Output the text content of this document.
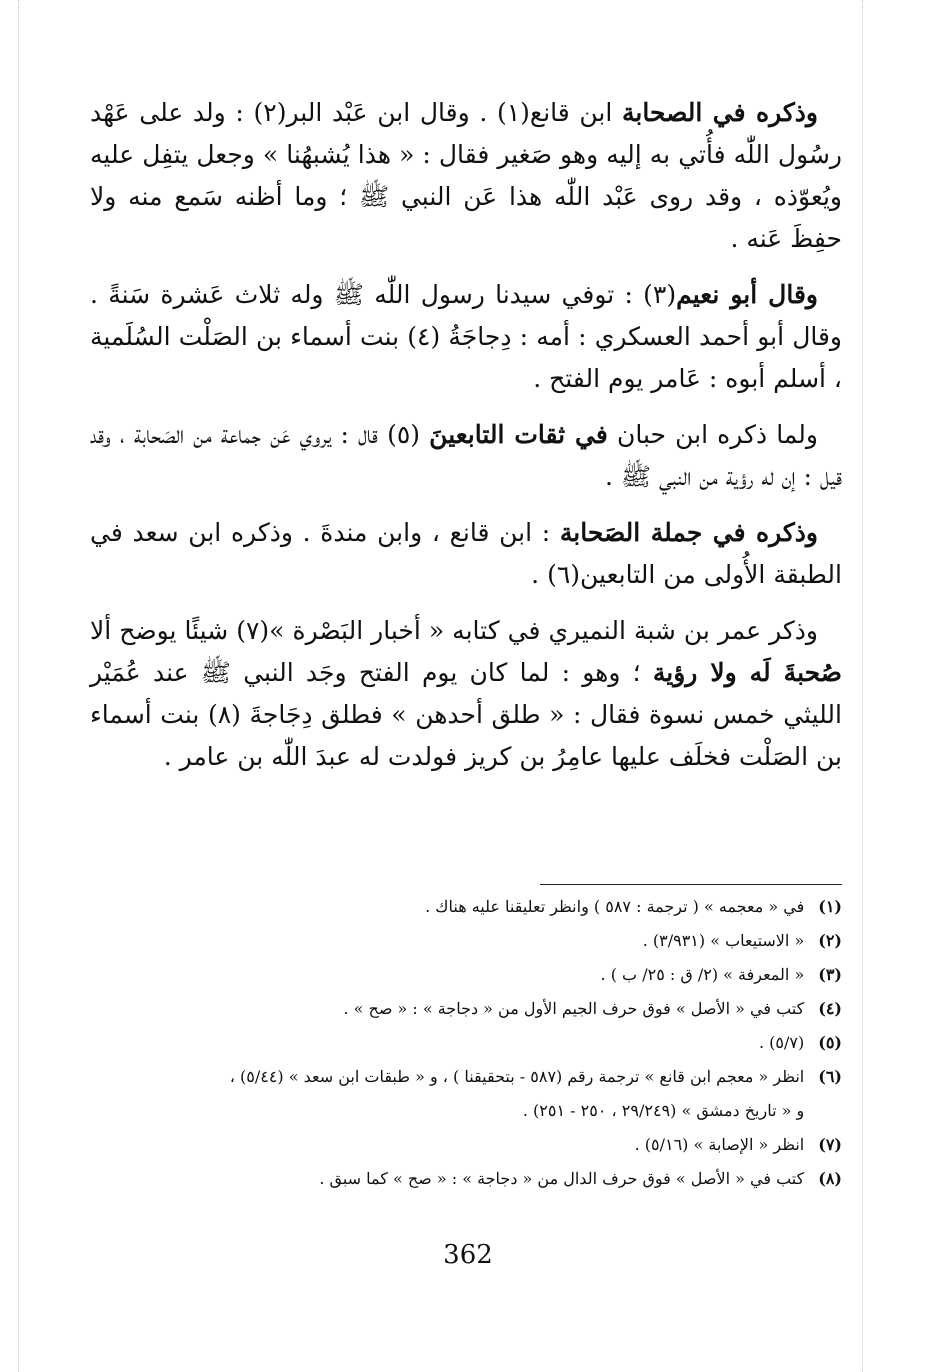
وذكره في الصحابة ابن قانع(١) . وقال ابن عَبْد البر(٢) : ولد على عَهْد رسُول اللّٰه فأُتي به إليه وهو صَغير فقال : « هذا يُشبهُنا » وجعل يتفِل عليه ويُعوّذه ، وقد روى عَبْد اللّٰه هذا عَن النبي ﷺ ؛ وما أظنه سَمع منه ولا حفِظَ عَنه .

وقال أبو نعيم(٣) : توفي سيدنا رسول اللّٰه ﷺ وله ثلاث عَشرة سَنةً . وقال أبو أحمد العسكري : أمه : دِجاجَةُ (٤) بنت أسماء بن الصَلْت السُلَمية ، أسلم أبوه : عَامر يوم الفتح .

ولما ذكره ابن حبان في ثقات التابعينَ (٥) قال : يروي عَن جماعة من الصَحابة ، وقد قيل : إن له رؤية من النبي ﷺ .

وذكره في جملة الصَحابة : ابن قانع ، وابن مندةَ . وذكره ابن سعد في الطبقة الأُولى من التابعين(٦) .

وذكر عمر بن شبة النميري في كتابه « أخبار البَصْرة »(٧) شيئًا يوضح ألا صُحبةَ لَه ولا رؤية ؛ وهو : لما كان يوم الفتح وجَد النبي ﷺ عند عُمَيْر الليثي خمس نسوة فقال : « طلق أحدهن » فطلق دِجَاجةَ (٨) بنت أسماء بن الصَلْت فخلَف عليها عامِرُ بن كريز فولدت له عبدَ اللّٰه بن عامر .

(١)
في « معجمه » ( ترجمة : ٥٨٧ ) وانظر تعليقنا عليه هناك .
(٢)
« الاستيعاب » (٣/٩٣١) .
(٣)
« المعرفة » (٢/ ق : ٢٥/ ب ) .
(٤)
كتب في « الأصل » فوق حرف الجيم الأول من « دجاجة » : « صح » .
(٥)
(٥/٧) .
(٦)
انظر « معجم ابن قانع » ترجمة رقم (٥٨٧ - بتحقيقنا ) ، و « طبقات ابن سعد » (٥/٤٤) ،
و « تاريخ دمشق » (٢٩/٢٤٩ ، ٢٥٠ - ٢٥١) .
(٧)
انظر « الإصابة » (٥/١٦) .
(٨)
كتب في « الأصل » فوق حرف الدال من « دجاجة » : « صح » كما سبق .
362
